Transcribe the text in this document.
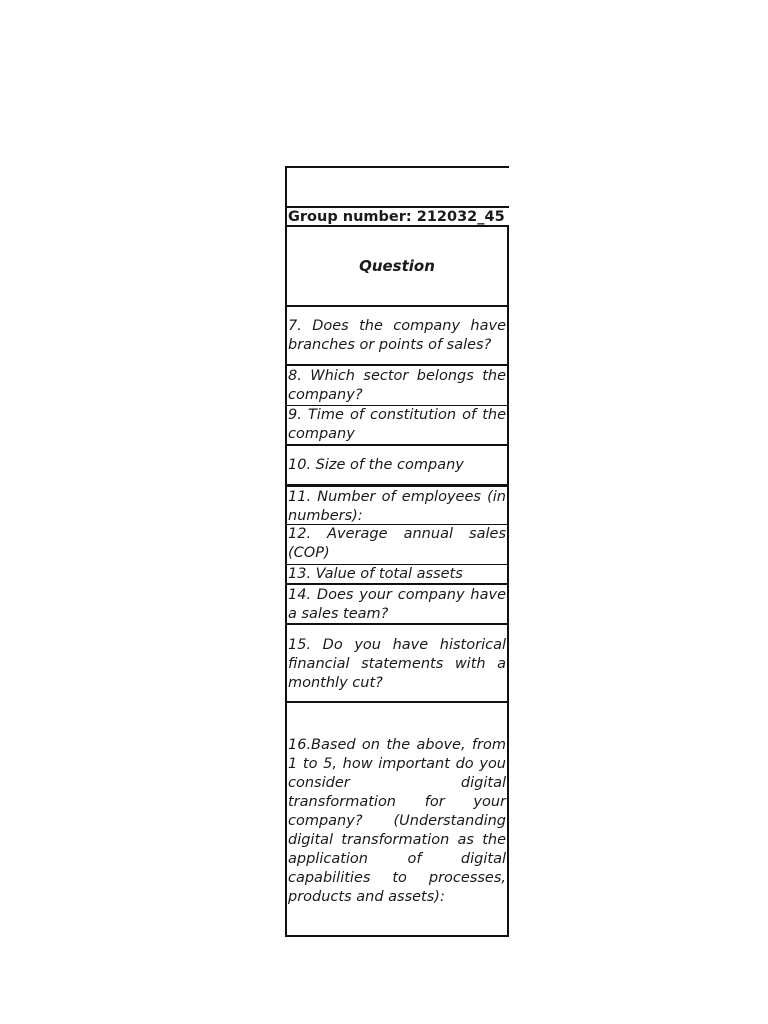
Group number: 212032_45
Question
7. Does the company have branches or points of sales?
8. Which sector belongs the company?
9. Time of constitution of the company
10. Size of the company
11. Number of employees (in numbers):
12. Average annual sales (COP)
13. Value of total assets
14. Does your company have a sales team?
15. Do you have historical financial statements with a monthly cut?
16.Based on the above, from 1 to 5, how important do you consider digital transformation for your company? (Understanding digital transformation as the application of digital capabilities to processes, products and assets):
